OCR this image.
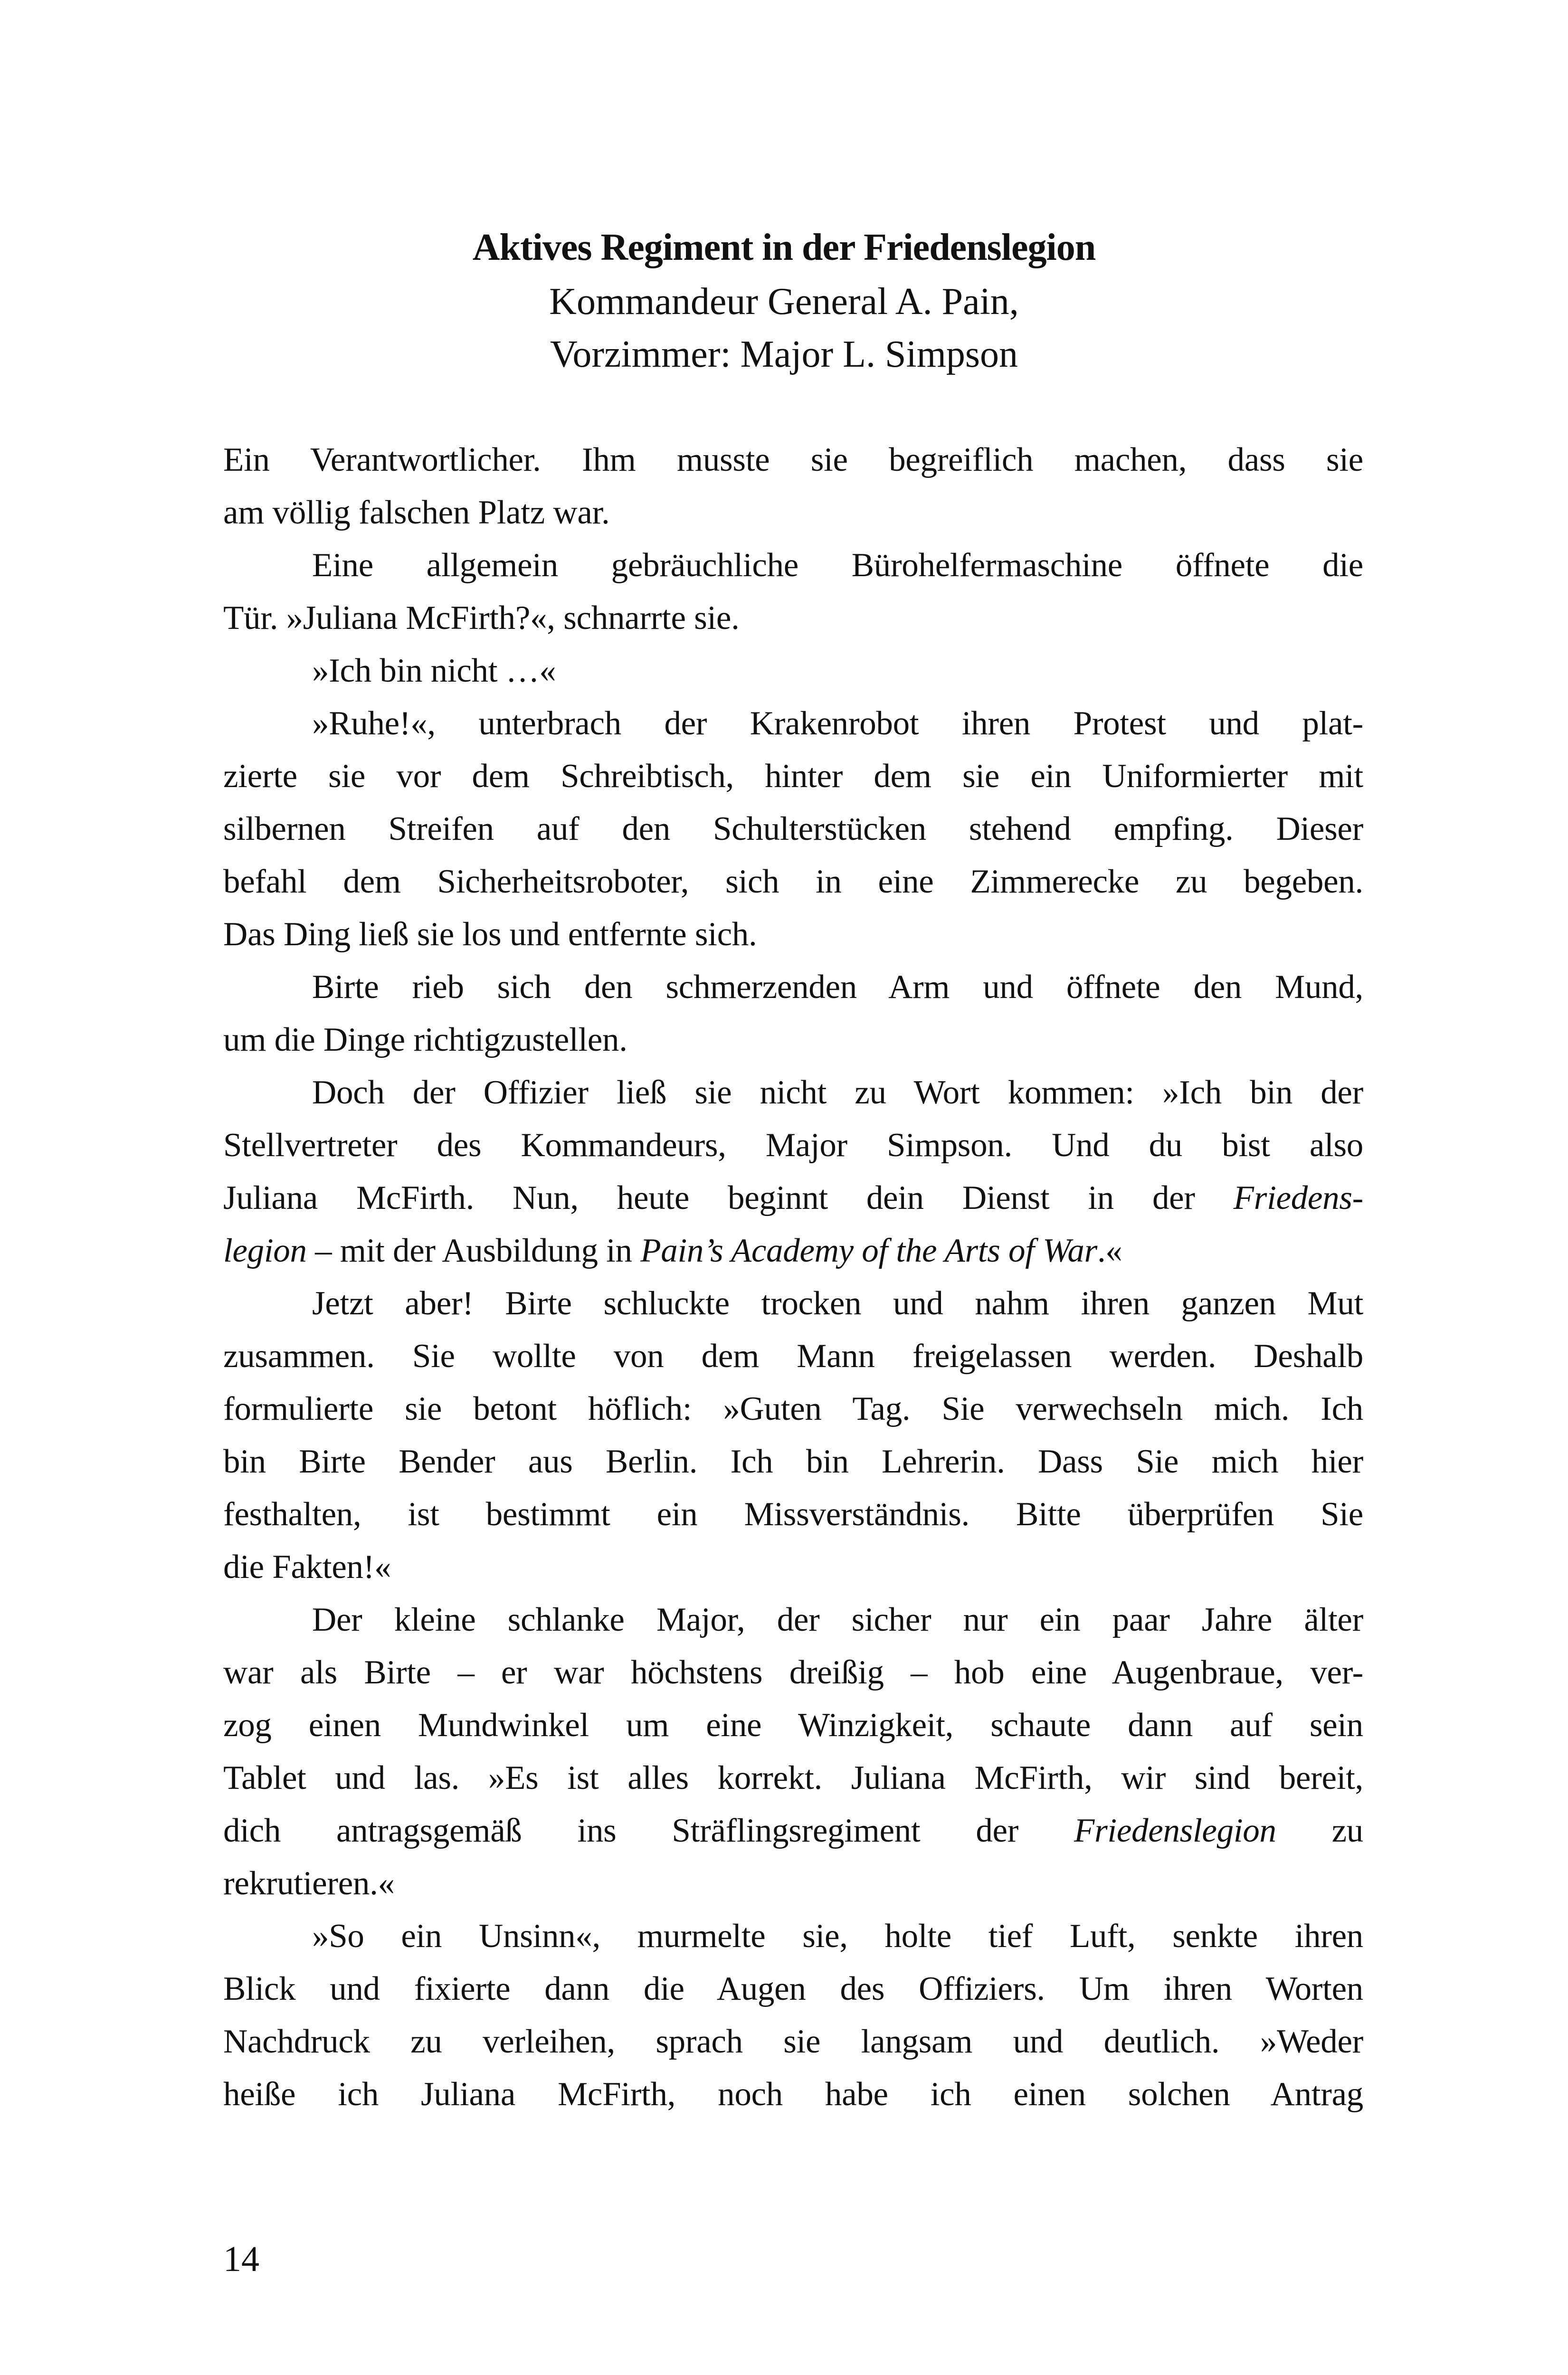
Aktives Regiment in der Friedenslegion
Kommandeur General A. Pain,
Vorzimmer: Major L. Simpson
Ein Verantwortlicher. Ihm musste sie begreiflich machen, dass sie
am völlig falschen Platz war.
Eine allgemein gebräuchliche Bürohelfermaschine öffnete die
Tür. »Juliana McFirth?«, schnarrte sie.
»Ich bin nicht …«
»Ruhe!«, unterbrach der Krakenrobot ihren Protest und plat-
zierte sie vor dem Schreibtisch, hinter dem sie ein Uniformierter mit
silbernen Streifen auf den Schulterstücken stehend empfing. Dieser
befahl dem Sicherheitsroboter, sich in eine Zimmerecke zu begeben.
Das Ding ließ sie los und entfernte sich.
Birte rieb sich den schmerzenden Arm und öffnete den Mund,
um die Dinge richtigzustellen.
Doch der Offizier ließ sie nicht zu Wort kommen: »Ich bin der
Stellvertreter des Kommandeurs, Major Simpson. Und du bist also
Juliana McFirth. Nun, heute beginnt dein Dienst in der Friedens-
legion – mit der Ausbildung in Pain’s Academy of the Arts of War.«
Jetzt aber! Birte schluckte trocken und nahm ihren ganzen Mut
zusammen. Sie wollte von dem Mann freigelassen werden. Deshalb
formulierte sie betont höflich: »Guten Tag. Sie verwechseln mich. Ich
bin Birte Bender aus Berlin. Ich bin Lehrerin. Dass Sie mich hier
festhalten, ist bestimmt ein Missverständnis. Bitte überprüfen Sie
die Fakten!«
Der kleine schlanke Major, der sicher nur ein paar Jahre älter
war als Birte – er war höchstens dreißig – hob eine Augenbraue, ver-
zog einen Mundwinkel um eine Winzigkeit, schaute dann auf sein
Tablet und las. »Es ist alles korrekt. Juliana McFirth, wir sind bereit,
dich antragsgemäß ins Sträflingsregiment der Friedenslegion zu
rekrutieren.«
»So ein Unsinn«, murmelte sie, holte tief Luft, senkte ihren
Blick und fixierte dann die Augen des Offiziers. Um ihren Worten
Nachdruck zu verleihen, sprach sie langsam und deutlich. »Weder
heiße ich Juliana McFirth, noch habe ich einen solchen Antrag
14
